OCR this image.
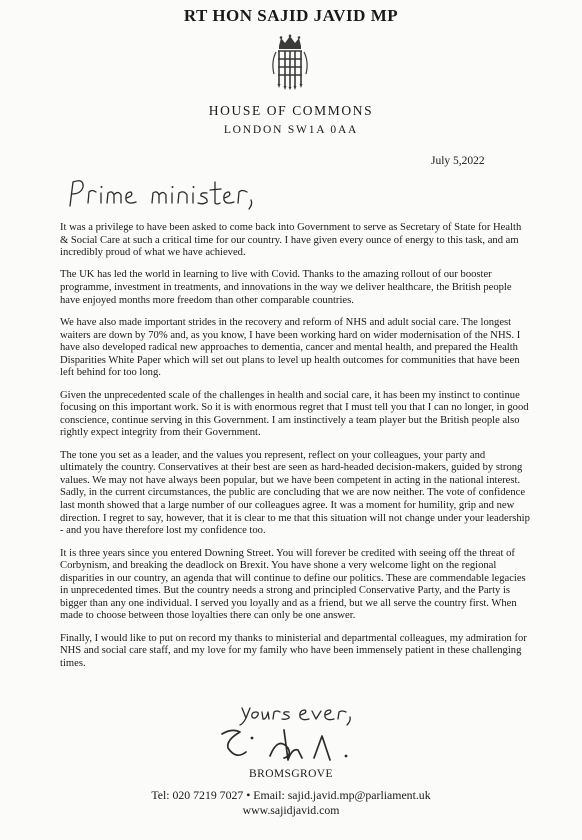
RT HON SAJID JAVID MP
HOUSE OF COMMONS
LONDON SW1A 0AA
July 5,2022

It was a privilege to have been asked to come back into Government to serve as Secretary of State for Health & Social Care at such a critical time for our country. I have given every ounce of energy to this task, and am incredibly proud of what we have achieved.

The UK has led the world in learning to live with Covid. Thanks to the amazing rollout of our booster programme, investment in treatments, and innovations in the way we deliver healthcare, the British people have enjoyed months more freedom than other comparable countries.

We have also made important strides in the recovery and reform of NHS and adult social care. The longest waiters are down by 70% and, as you know, I have been working hard on wider modernisation of the NHS. I have also developed radical new approaches to dementia, cancer and mental health, and prepared the Health Disparities White Paper which will set out plans to level up health outcomes for communities that have been left behind for too long.

Given the unprecedented scale of the challenges in health and social care, it has been my instinct to continue focusing on this important work. So it is with enormous regret that I must tell you that I can no longer, in good conscience, continue serving in this Government. I am instinctively a team player but the British people also rightly expect integrity from their Government.

The tone you set as a leader, and the values you represent, reflect on your colleagues, your party and ultimately the country. Conservatives at their best are seen as hard-headed decision-makers, guided by strong values. We may not have always been popular, but we have been competent in acting in the national interest. Sadly, in the current circumstances, the public are concluding that we are now neither. The vote of confidence last month showed that a large number of our colleagues agree. It was a moment for humility, grip and new direction. I regret to say, however, that it is clear to me that this situation will not change under your leadership - and you have therefore lost my confidence too.

It is three years since you entered Downing Street. You will forever be credited with seeing off the threat of Corbynism, and breaking the deadlock on Brexit. You have shone a very welcome light on the regional disparities in our country, an agenda that will continue to define our politics. These are commendable legacies in unprecedented times. But the country needs a strong and principled Conservative Party, and the Party is bigger than any one individual. I served you loyally and as a friend, but we all serve the country first. When made to choose between those loyalties there can only be one answer.

Finally, I would like to put on record my thanks to ministerial and departmental colleagues, my admiration for NHS and social care staff, and my love for my family who have been immensely patient in these challenging times.

BROMSGROVE
Tel: 020 7219 7027 • Email: sajid.javid.mp@parliament.uk
www.sajidjavid.com
